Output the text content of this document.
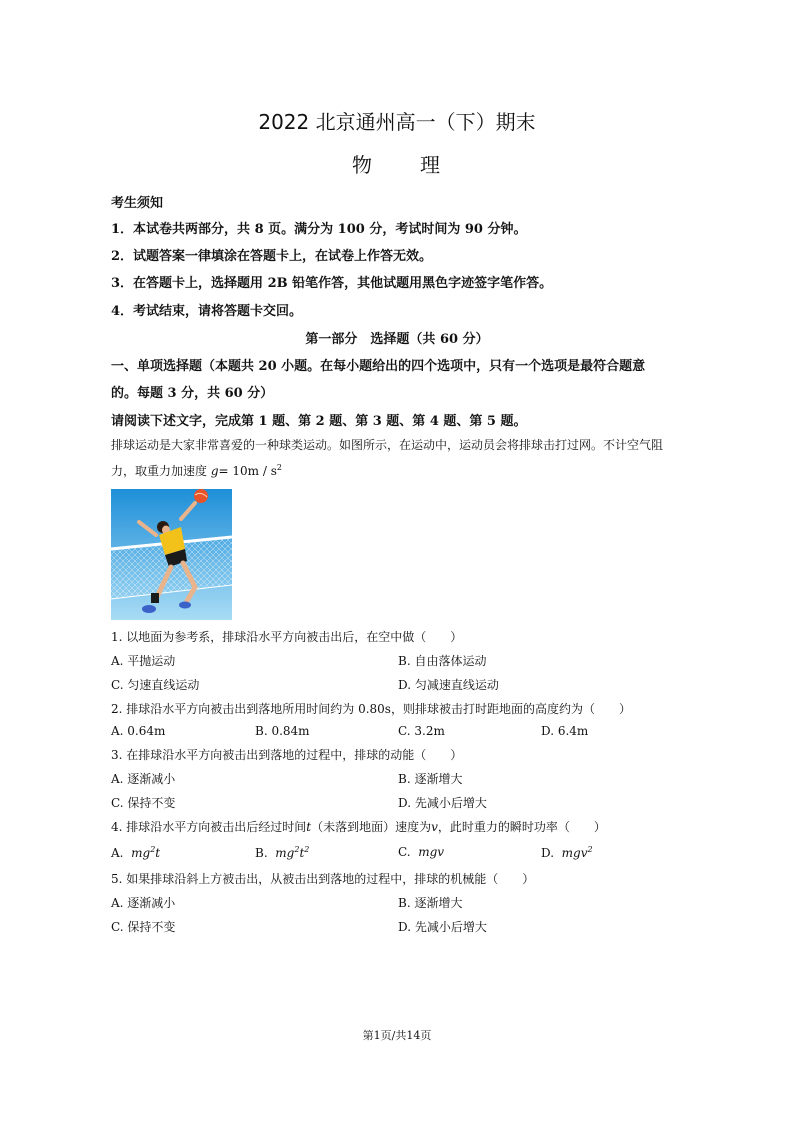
2022 北京通州高一（下）期末
物 理
考生须知
1．本试卷共两部分，共 8 页。满分为 100 分，考试时间为 90 分钟。
2．试题答案一律填涂在答题卡上，在试卷上作答无效。
3．在答题卡上，选择题用 2B 铅笔作答，其他试题用黑色字迹签字笔作答。
4．考试结束，请将答题卡交回。
第一部分　选择题（共 60 分）
一、单项选择题（本题共 20 小题。在每小题给出的四个选项中，只有一个选项是最符合题意
的。每题 3 分，共 60 分）
请阅读下述文字，完成第 1 题、第 2 题、第 3 题、第 4 题、第 5 题。
排球运动是大家非常喜爱的一种球类运动。如图所示，在运动中，运动员会将排球击打过网。不计空气阻
力，取重力加速度 $g= 10m / s^2$
1. 以地面为参考系，排球沿水平方向被击出后，在空中做（　　）
A. 平抛运动	B. 自由落体运动
C. 匀速直线运动	D. 匀减速直线运动
2. 排球沿水平方向被击出到落地所用时间约为 0.80s，则排球被击打时距地面的高度约为（　　）
A. 0.64m	B. 0.84m	C. 3.2m	D. 6.4m
3. 在排球沿水平方向被击出到落地的过程中，排球的动能（　　）
A. 逐渐减小	B. 逐渐增大
C. 保持不变	D. 先减小后增大
4. 排球沿水平方向被击出后经过时间t（未落到地面）速度为v，此时重力的瞬时功率（　　）
A. $mg^2t$	B. $mg^2t^2$	C. mgv	D. mgv$^2$
5. 如果排球沿斜上方被击出，从被击出到落地的过程中，排球的机械能（　　）
A. 逐渐减小	B. 逐渐增大
C. 保持不变	D. 先减小后增大
第1页/共14页
